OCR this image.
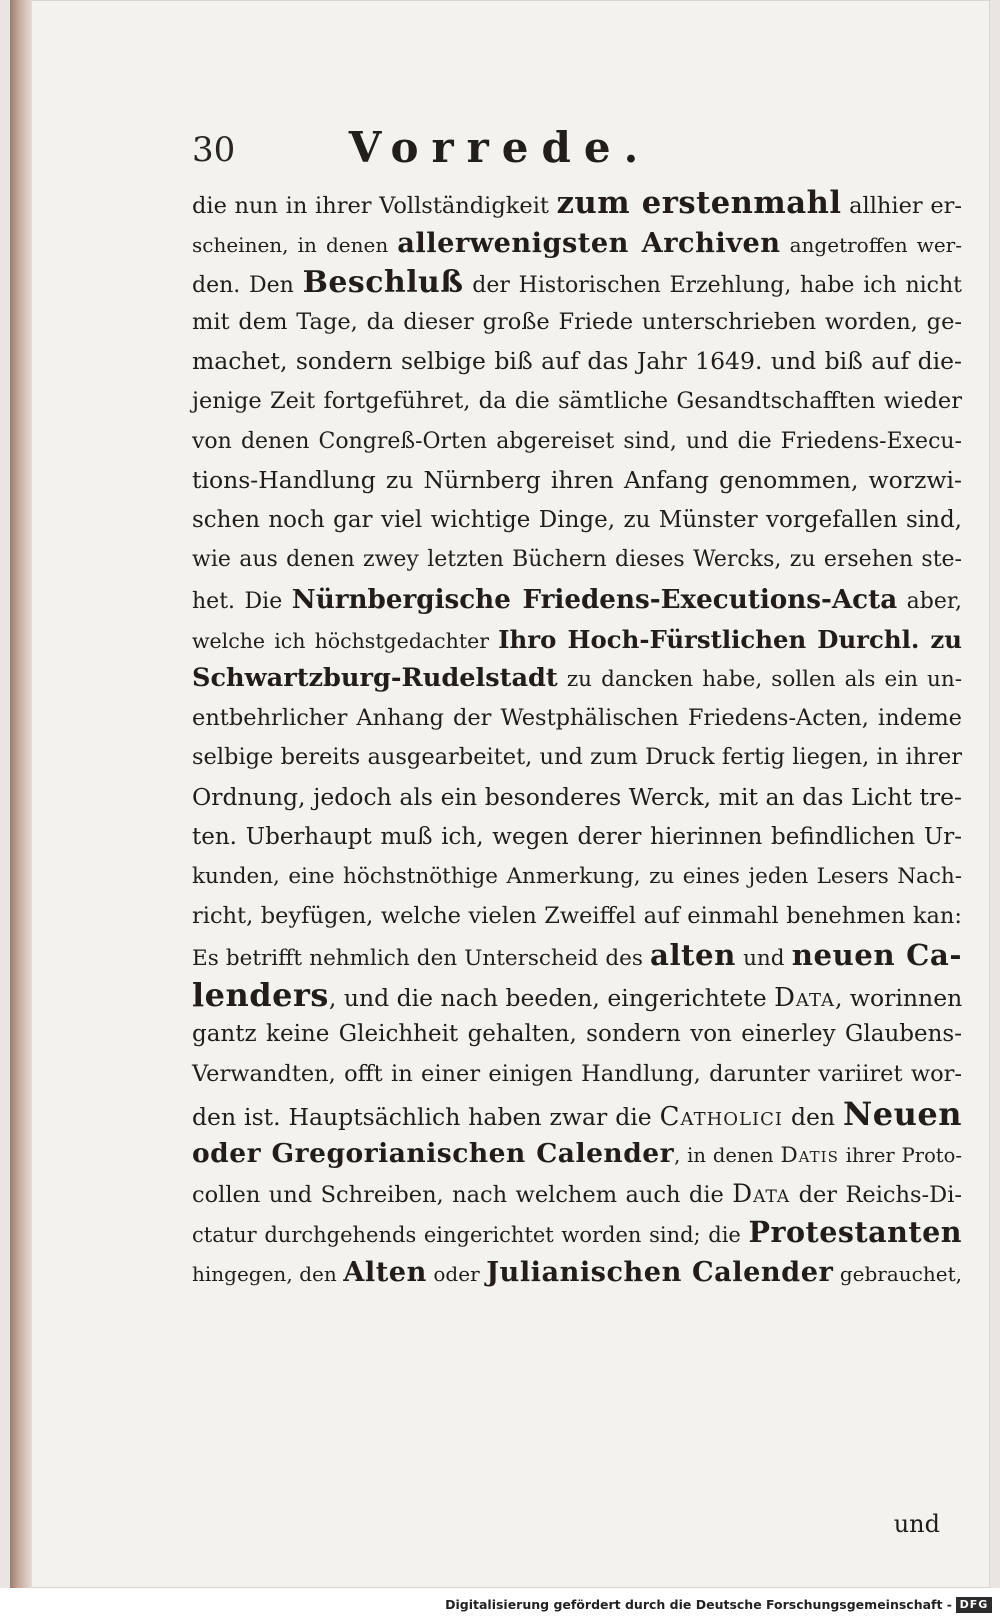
30	Vorrede.
die nun in ihrer Vollständigkeit zum erstenmahl allhier er-
scheinen, in denen allerwenigsten Archiven angetroffen wer-
den. Den Beschluß der Historischen Erzehlung, habe ich nicht
mit dem Tage, da dieser große Friede unterschrieben worden, ge-
machet, sondern selbige biß auf das Jahr 1649. und biß auf die-
jenige Zeit fortgeführet, da die sämtliche Gesandtschafften wieder
von denen Congreß-Orten abgereiset sind, und die Friedens-Execu-
tions-Handlung zu Nürnberg ihren Anfang genommen, worzwi-
schen noch gar viel wichtige Dinge, zu Münster vorgefallen sind,
wie aus denen zwey letzten Büchern dieses Wercks, zu ersehen ste-
het. Die Nürnbergische Friedens-Executions-Acta aber,
welche ich höchstgedachter Ihro Hoch-Fürstlichen Durchl. zu
Schwartzburg-Rudelstadt zu dancken habe, sollen als ein un-
entbehrlicher Anhang der Westphälischen Friedens-Acten, indeme
selbige bereits ausgearbeitet, und zum Druck fertig liegen, in ihrer
Ordnung, jedoch als ein besonderes Werck, mit an das Licht tre-
ten. Uberhaupt muß ich, wegen derer hierinnen befindlichen Ur-
kunden, eine höchstnöthige Anmerkung, zu eines jeden Lesers Nach-
richt, beyfügen, welche vielen Zweiffel auf einmahl benehmen kan:
Es betrifft nehmlich den Unterscheid des alten und neuen Ca-
lenders, und die nach beeden, eingerichtete Data, worinnen
gantz keine Gleichheit gehalten, sondern von einerley Glaubens-
Verwandten, offt in einer einigen Handlung, darunter variiret wor-
den ist. Hauptsächlich haben zwar die Catholici den Neuen
oder Gregorianischen Calender, in denen Datis ihrer Proto-
collen und Schreiben, nach welchem auch die Data der Reichs-Di-
ctatur durchgehends eingerichtet worden sind; die Protestanten
hingegen, den Alten oder Julianischen Calender gebrauchet,
und
Digitalisierung gefördert durch die Deutsche Forschungsgemeinschaft - DFG
